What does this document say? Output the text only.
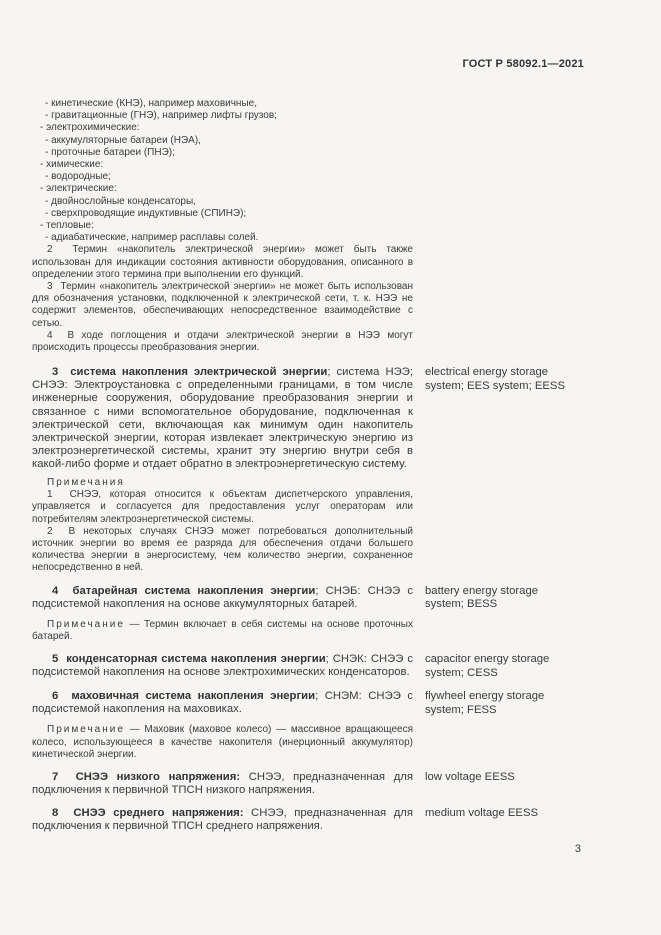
ГОСТ Р 58092.1—2021
- кинетические (КНЭ), например маховичные,
- гравитационные (ГНЭ), например лифты грузов;
- электрохимические:
- аккумуляторные батареи (НЭА),
- проточные батареи (ПНЭ);
- химические:
- водородные;
- электрические:
- двойнослойные конденсаторы,
- сверхпроводящие индуктивные (СПИНЭ);
- тепловые:
- адиабатические, например расплавы солей.

2  Термин «накопитель электрической энергии» может быть также использован для индикации состояния активности оборудования, описанного в определении этого термина при выполнении его функций.

3  Термин «накопитель электрической энергии» не может быть использован для обозначения установки, подключенной к электрической сети, т. к. НЭЭ не содержит элементов, обеспечивающих непосредственное взаимодействие с сетью.

4  В ходе поглощения и отдачи электрической энергии в НЭЭ могут происходить процессы преобразования энергии.

3  система накопления электрической энергии; система НЭЭ; СНЭЭ: Электроустановка с определенными границами, в том числе инженерные сооружения, оборудование преобразования энергии и связанное с ними вспомогательное оборудование, подключенная к электрической сети, включающая как минимум один накопитель электрической энергии, которая извлекает электрическую энергию из электроэнергетической системы, хранит эту энергию внутри себя в какой-либо форме и отдает обратно в электроэнергетическую систему.

Примечания

1  СНЭЭ, которая относится к объектам диспетчерского управления, управляется и согласуется для предоставления услуг операторам или потребителям электроэнергетической системы.

2  В некоторых случаях СНЭЭ может потребоваться дополнительный источник энергии во время ее разряда для обеспечения отдачи большего количества энергии в энергосистему, чем количество энергии, сохраненное непосредственно в ней.

electrical energy storage system; EES system; EESS

4  батарейная система накопления энергии; СНЭБ: СНЭЭ с подсистемой накопления на основе аккумуляторных батарей.

Примечание — Термин включает в себя системы на основе проточных батарей.

battery energy storage system; BESS

5  конденсаторная система накопления энергии; СНЭК: СНЭЭ с подсистемой накопления на основе электрохимических конденсаторов.

capacitor energy storage system; CESS

6  маховичная система накопления энергии; СНЭМ: СНЭЭ с подсистемой накопления на маховиках.

Примечание — Маховик (маховое колесо) — массивное вращающееся колесо, использующееся в качестве накопителя (инерционный аккумулятор) кинетической энергии.

flywheel energy storage system; FESS

7  СНЭЭ низкого напряжения: СНЭЭ, предназначенная для подключения к первичной ТПСН низкого напряжения.

low voltage EESS

8  СНЭЭ среднего напряжения: СНЭЭ, предназначенная для подключения к первичной ТПСН среднего напряжения.

medium voltage EESS
3
